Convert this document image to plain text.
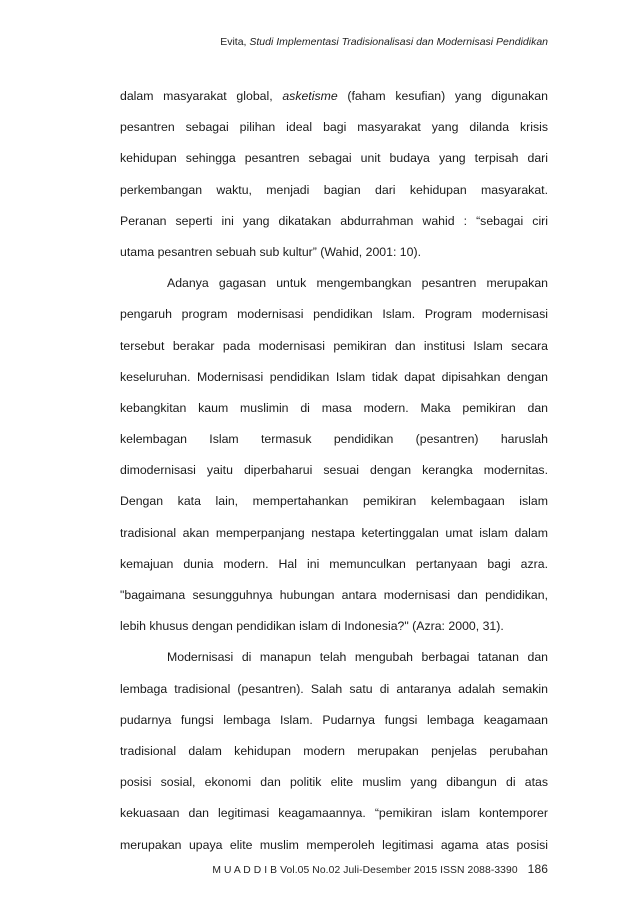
Evita, Studi Implementasi Tradisionalisasi dan Modernisasi Pendidikan
dalam masyarakat global, asketisme (faham kesufian) yang digunakan
pesantren sebagai pilihan ideal bagi masyarakat yang dilanda krisis
kehidupan sehingga pesantren sebagai unit budaya yang terpisah dari
perkembangan waktu, menjadi bagian dari kehidupan masyarakat.
Peranan seperti ini yang dikatakan abdurrahman wahid : “sebagai ciri
utama pesantren sebuah sub kultur” (Wahid, 2001: 10).
Adanya gagasan untuk mengembangkan pesantren merupakan
pengaruh program modernisasi pendidikan Islam. Program modernisasi
tersebut berakar pada modernisasi pemikiran dan institusi Islam secara
keseluruhan. Modernisasi pendidikan Islam tidak dapat dipisahkan dengan
kebangkitan kaum muslimin di masa modern. Maka pemikiran dan
kelembagan Islam termasuk pendidikan (pesantren) haruslah
dimodernisasi yaitu diperbaharui sesuai dengan kerangka modernitas.
Dengan kata lain, mempertahankan pemikiran kelembagaan islam
tradisional akan memperpanjang nestapa ketertinggalan umat islam dalam
kemajuan dunia modern. Hal ini memunculkan pertanyaan bagi azra.
"bagaimana sesungguhnya hubungan antara modernisasi dan pendidikan,
lebih khusus dengan pendidikan islam di Indonesia?" (Azra: 2000, 31).
Modernisasi di manapun telah mengubah berbagai tatanan dan
lembaga tradisional (pesantren). Salah satu di antaranya adalah semakin
pudarnya fungsi lembaga Islam. Pudarnya fungsi lembaga keagamaan
tradisional dalam kehidupan modern merupakan penjelas perubahan
posisi sosial, ekonomi dan politik elite muslim yang dibangun di atas
kekuasaan dan legitimasi keagamaannya. “pemikiran islam kontemporer
merupakan upaya elite muslim memperoleh legitimasi agama atas posisi
M U A D D I B Vol.05 No.02 Juli-Desember 2015 ISSN 2088-3390 186
